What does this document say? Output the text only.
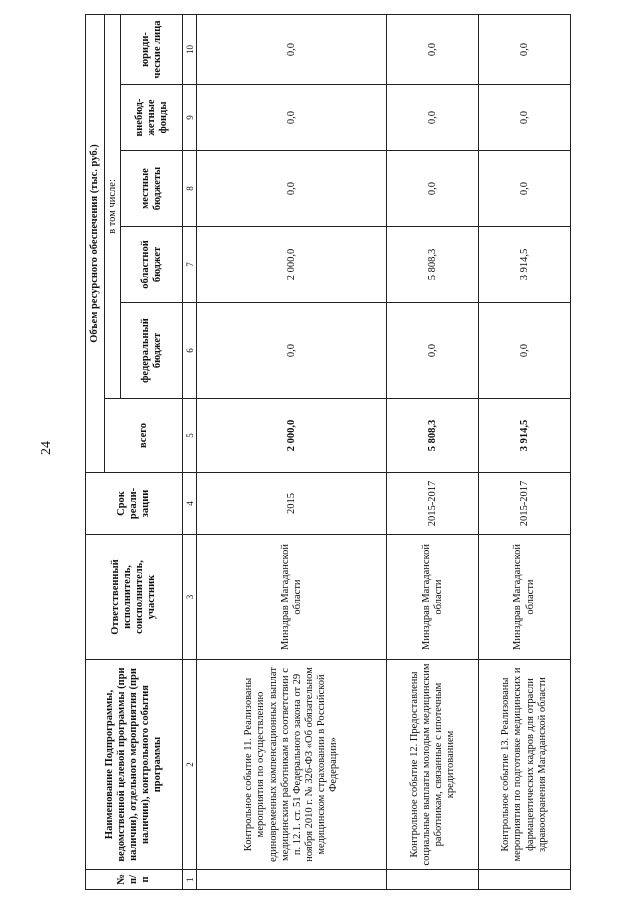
24
№ п/п	Наименование Подпрограммы, ведомственной целевой программы (при наличии), отдельного мероприятия (при наличии), контрольного события программы	Ответственный исполнитель, соисполнитель, участник	Срок реали-зации	Объем ресурсного обеспечения (тыс. руб.)					
				всего	в том числе:				
					федеральный бюджет	областной бюджет	местные бюджеты	внебюд-жетные фонды	юриди-ческие лица
1	2	3	4	5	6	7	8	9	10
	Контрольное событие 11. Реализованы мероприятия по осуществлению единовременных компенсационных выплат медицинским работникам в соответствии с п. 12.1. ст. 51 Федерального закона от 29 ноября 2010 г. № 326-ФЗ «Об обязательном медицинском страховании в Российской Федерации»	Минздрав Магаданской области	2015	2 000,0	0,0	2 000,0	0,0	0,0	0,0
	Контрольное событие 12. Предоставлены социальные выплаты молодым медицинским работникам, связанные с ипотечным кредитованием	Минздрав Магаданской области	2015-2017	5 808,3	0,0	5 808,3	0,0	0,0	0,0
	Контрольное событие 13. Реализованы мероприятия по подготовке медицинских и фармацевтических кадров для отрасли здравоохранения Магаданской области	Минздрав Магаданской области	2015-2017	3 914,5	0,0	3 914,5	0,0	0,0	0,0
